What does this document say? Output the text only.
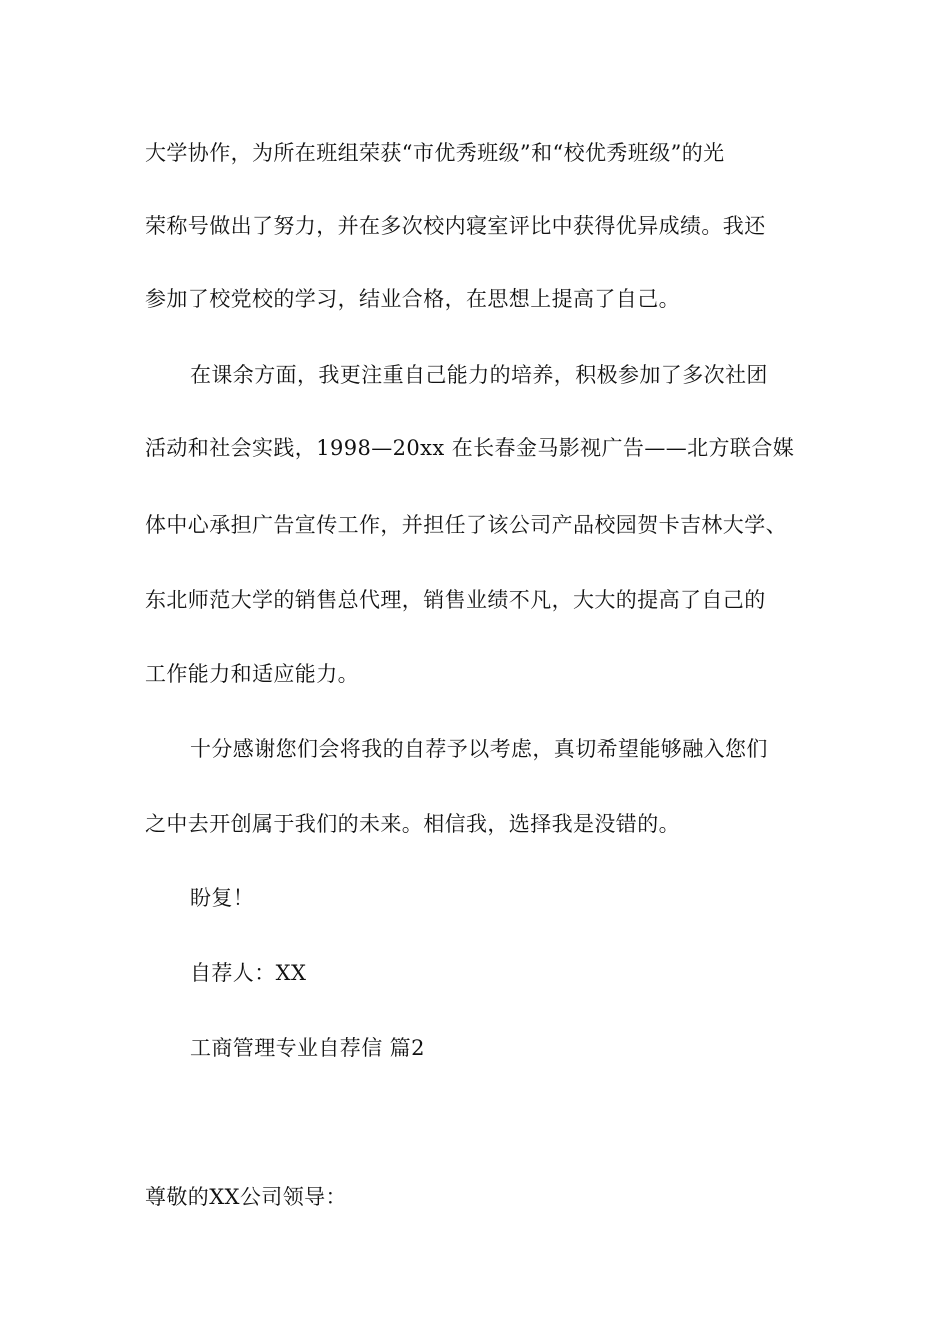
大学协作，为所在班组荣获“市优秀班级”和“校优秀班级”的光
荣称号做出了努力，并在多次校内寝室评比中获得优异成绩。我还
参加了校党校的学习，结业合格，在思想上提高了自己。
在课余方面，我更注重自己能力的培养，积极参加了多次社团
活动和社会实践，1998—20xx 在长春金马影视广告——北方联合媒
体中心承担广告宣传工作，并担任了该公司产品校园贺卡吉林大学、
东北师范大学的销售总代理，销售业绩不凡，大大的提高了自己的
工作能力和适应能力。
十分感谢您们会将我的自荐予以考虑，真切希望能够融入您们
之中去开创属于我们的未来。相信我，选择我是没错的。
盼复！
自荐人：XX
工商管理专业自荐信 篇2
尊敬的XX公司领导：
